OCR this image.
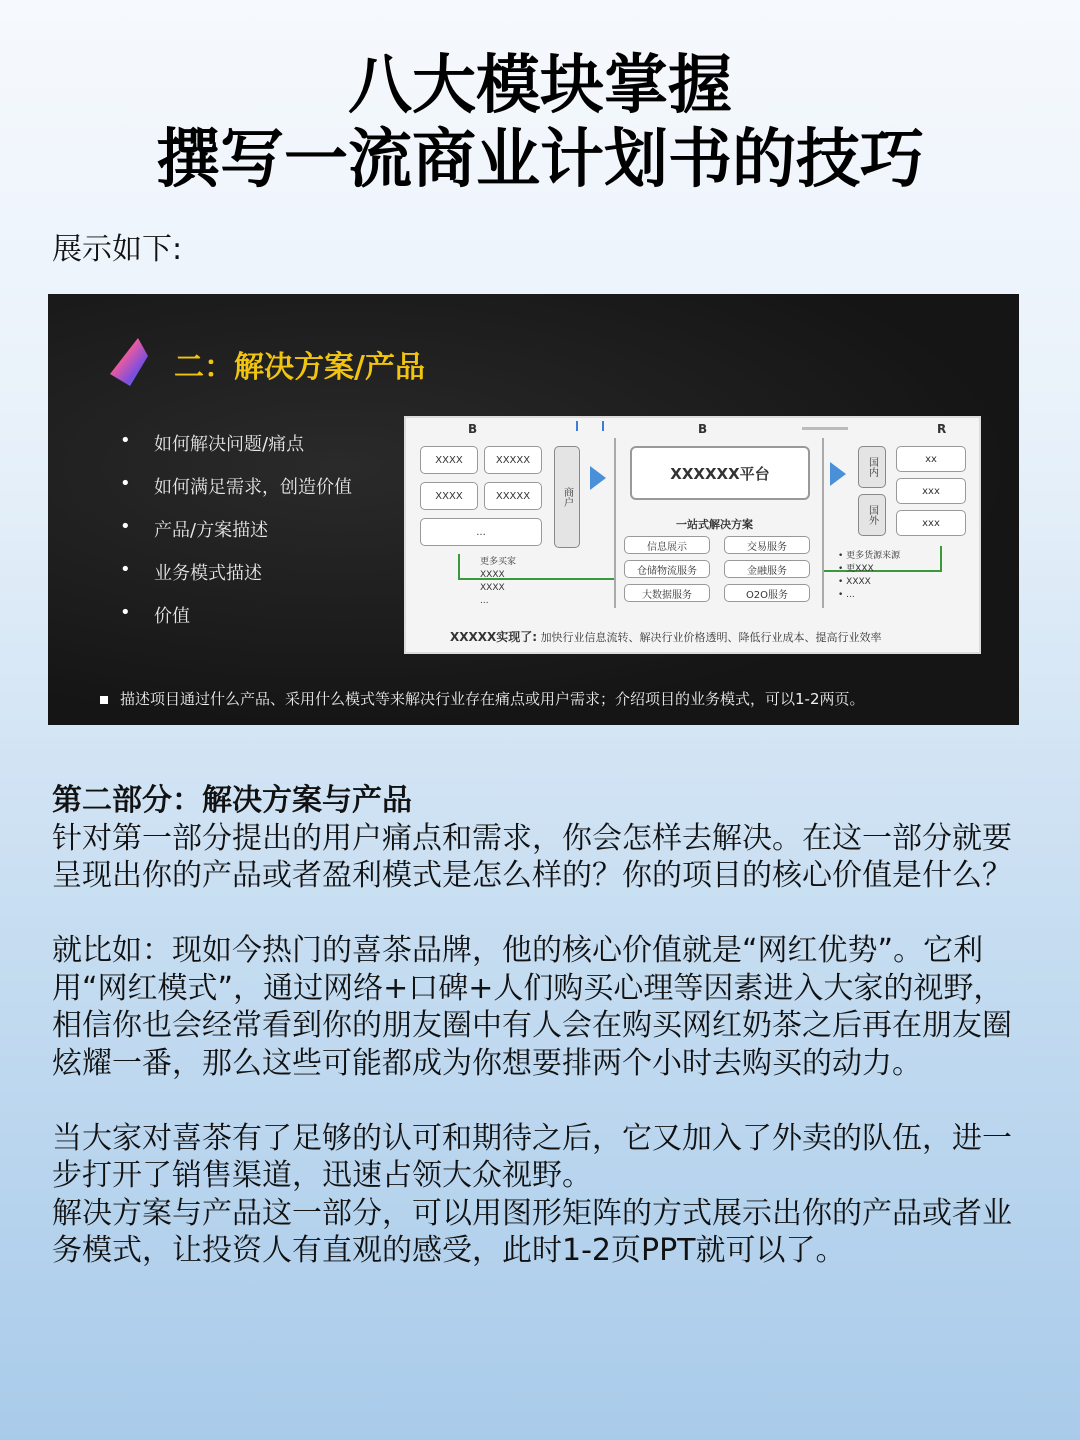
八大模块掌握
撰写一流商业计划书的技巧
展示如下:
二：解决方案/产品
• 如何解决问题/痛点
• 如何满足需求，创造价值
• 产品/方案描述
• 业务模式描述
• 价值
B	B	R
XXXX	XXXXX
XXXX	XXXXX
...
商户
XXXXXX平台
一站式解决方案
信息展示	交易服务
仓储物流服务	金融服务
大数据服务	O2O服务
国内
国外
xx
xxx
xxx
更多买家
XXXX
XXXX
...
• 更多货源来源
• 更XXX
• XXXX
• ...
XXXXX实现了: 加快行业信息流转、解决行业价格透明、降低行业成本、提高行业效率
描述项目通过什么产品、采用什么模式等来解决行业存在痛点或用户需求；介绍项目的业务模式，可以1-2两页。

第二部分：解决方案与产品

针对第一部分提出的用户痛点和需求，你会怎样去解决。在这一部分就要呈现出你的产品或者盈利模式是怎么样的？你的项目的核心价值是什么？

就比如：现如今热门的喜茶品牌，他的核心价值就是“网红优势”。它利用“网红模式”，通过网络+口碑+人们购买心理等因素进入大家的视野，相信你也会经常看到你的朋友圈中有人会在购买网红奶茶之后再在朋友圈炫耀一番，那么这些可能都成为你想要排两个小时去购买的动力。

当大家对喜茶有了足够的认可和期待之后，它又加入了外卖的队伍，进一步打开了销售渠道，迅速占领大众视野。

解决方案与产品这一部分，可以用图形矩阵的方式展示出你的产品或者业务模式，让投资人有直观的感受，此时1-2页PPT就可以了。
